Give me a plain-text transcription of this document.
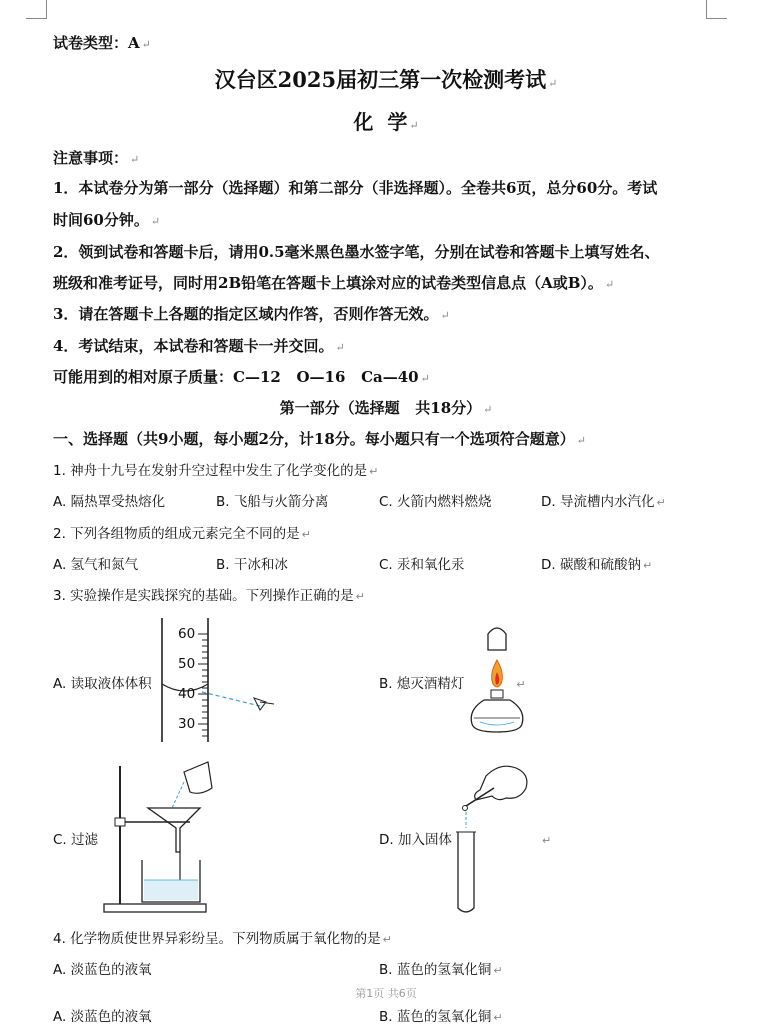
试卷类型：A ↵
汉台区2025届初三第一次检测考试 ↵
化  学 ↵
注意事项： ↵
1．本试卷分为第一部分（选择题）和第二部分（非选择题）。全卷共6页，总分60分。考试
时间60分钟。 ↵
2．领到试卷和答题卡后，请用0.5毫米黑色墨水签字笔，分别在试卷和答题卡上填写姓名、
班级和准考证号，同时用2B铅笔在答题卡上填涂对应的试卷类型信息点（A或B）。 ↵
3．请在答题卡上各题的指定区域内作答，否则作答无效。 ↵
4．考试结束，本试卷和答题卡一并交回。 ↵
可能用到的相对原子质量：C—12   O—16   Ca—40 ↵
第一部分（选择题   共18分） ↵
一、选择题（共9小题，每小题2分，计18分。每小题只有一个选项符合题意） ↵
1. 神舟十九号在发射升空过程中发生了化学变化的是 ↵
A. 隔热罩受热熔化	B. 飞船与火箭分离	C. 火箭内燃料燃烧	D. 导流槽内水汽化 ↵
2. 下列各组物质的组成元素完全不同的是 ↵
A. 氢气和氮气	B. 干冰和冰	C. 汞和氧化汞	D. 碳酸和硫酸钠 ↵
3. 实验操作是实践探究的基础。下列操作正确的是 ↵
A. 读取液体体积
60
50
40
30
B. 熄灭酒精灯	↵
C. 过滤	D. 加入固体	↵
4. 化学物质使世界异彩纷呈。下列物质属于氧化物的是 ↵
A. 淡蓝色的液氧	B. 蓝色的氢氧化铜 ↵
第1页 共6页
A. 淡蓝色的液氧	B. 蓝色的氢氧化铜 ↵
